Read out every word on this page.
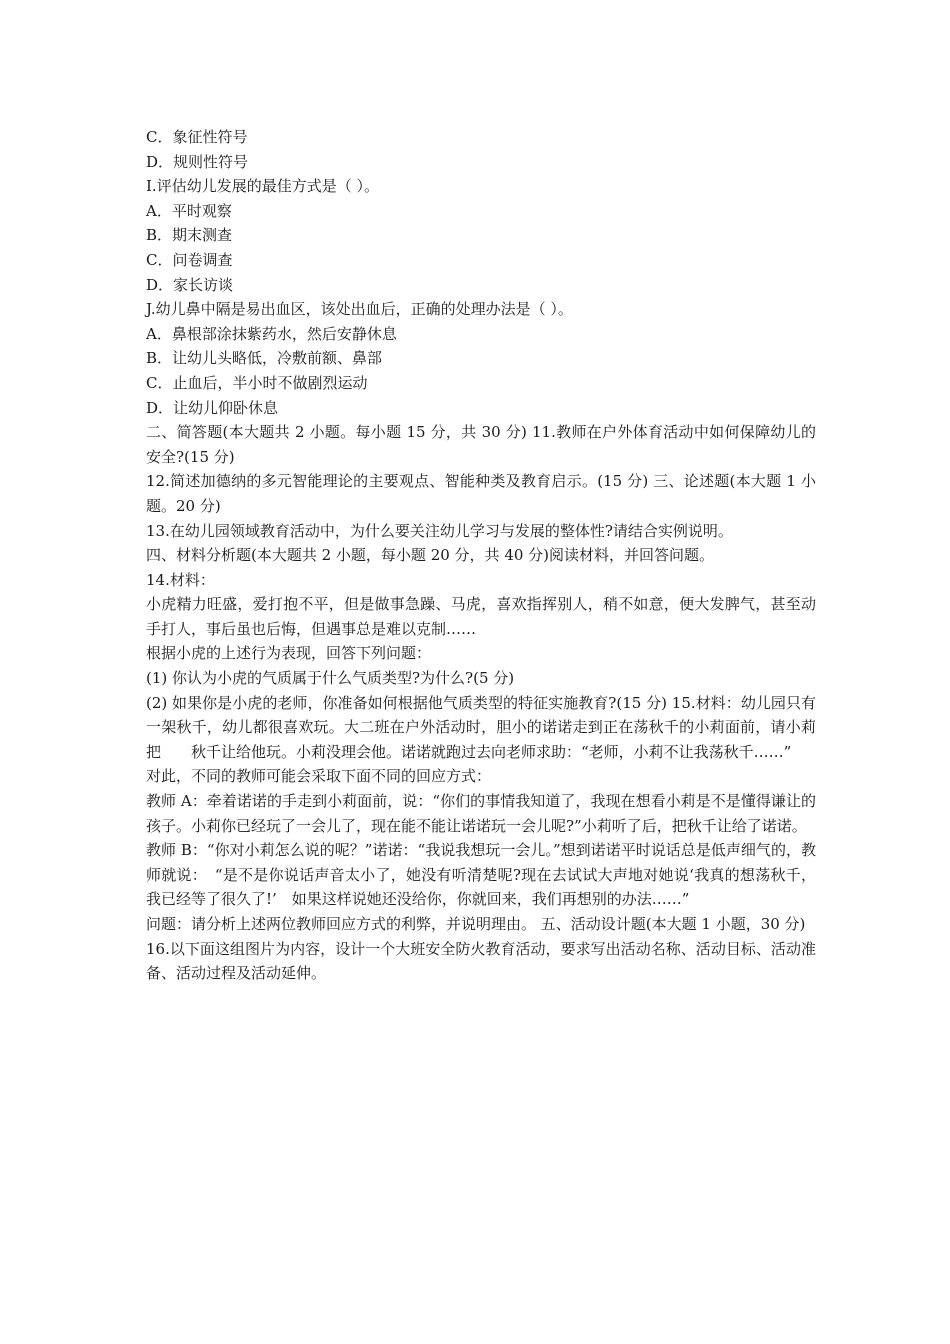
C．象征性符号
D．规则性符号
I.评估幼儿发展的最佳方式是（ ）。
A．平时观察
B．期末测查
C．问卷调查
D．家长访谈
J.幼儿鼻中隔是易出血区，该处出血后，正确的处理办法是（ ）。
A．鼻根部涂抹紫药水，然后安静休息
B．让幼儿头略低，冷敷前额、鼻部
C．止血后，半小时不做剧烈运动
D．让幼儿仰卧休息

二、简答题(本大题共 2 小题。每小题 15 分，共 30 分) 11.教师在户外体育活动中如何保障幼儿的安全?(15 分)

12.简述加德纳的多元智能理论的主要观点、智能种类及教育启示。(15 分) 三、论述题(本大题 1 小题。20 分)

13.在幼儿园领域教育活动中，为什么要关注幼儿学习与发展的整体性?请结合实例说明。

四、材料分析题(本大题共 2 小题，每小题 20 分，共 40 分)阅读材料，并回答问题。

14.材料：

小虎精力旺盛，爱打抱不平，但是做事急躁、马虎，喜欢指挥别人，稍不如意，便大发脾气，甚至动手打人，事后虽也后悔，但遇事总是难以克制……

根据小虎的上述行为表现，回答下列问题：

(1) 你认为小虎的气质属于什么气质类型?为什么?(5 分)

(2) 如果你是小虎的老师，你准备如何根据他气质类型的特征实施教育?(15 分) 15.材料：幼儿园只有一架秋千，幼儿都很喜欢玩。大二班在户外活动时，胆小的诺诺走到正在荡秋千的小莉面前，请小莉把　　秋千让给他玩。小莉没理会他。诺诺就跑过去向老师求助：“老师，小莉不让我荡秋千……”

对此，不同的教师可能会采取下面不同的回应方式：

教师 A：牵着诺诺的手走到小莉面前，说：“你们的事情我知道了，我现在想看小莉是不是懂得谦让的孩子。小莉你已经玩了一会儿了，现在能不能让诺诺玩一会儿呢?”小莉听了后，把秋千让给了诺诺。

教师 B：“你对小莉怎么说的呢？”诺诺：“我说我想玩一会儿。”想到诺诺平时说话总是低声细气的，教师就说：　“是不是你说话声音太小了，她没有听清楚呢?现在去试试大声地对她说‘我真的想荡秋千，我已经等了很久了!’　如果这样说她还没给你，你就回来，我们再想别的办法……”

问题：请分析上述两位教师回应方式的利弊，并说明理由。 五、活动设计题(本大题 1 小题，30 分)

16.以下面这组图片为内容，设计一个大班安全防火教育活动，要求写出活动名称、活动目标、活动准备、活动过程及活动延伸。
